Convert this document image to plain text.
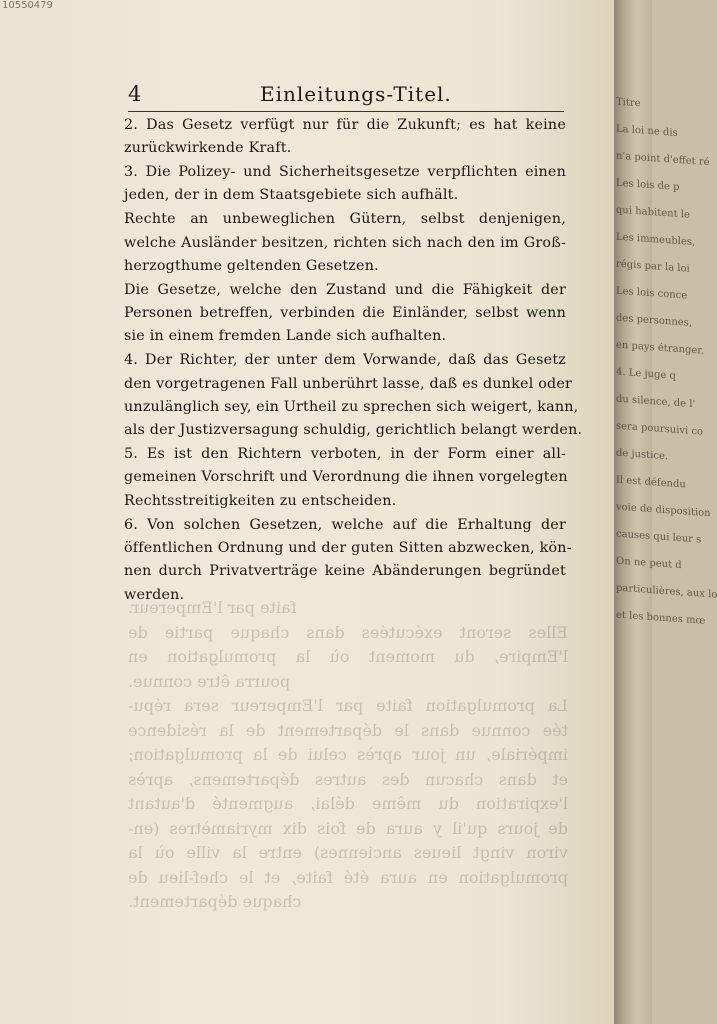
10550479
4	Einleitungs-Titel.

2. Das Gesetz verfügt nur für die Zukunft; es hat keine
zurückwirkende Kraft.

3. Die Polizey- und Sicherheitsgesetze verpflichten einen
jeden, der in dem Staatsgebiete sich aufhält.

Rechte an unbeweglichen Gütern, selbst denjenigen,
welche Ausländer besitzen, richten sich nach den im Groß-
herzogthume geltenden Gesetzen.

Die Gesetze, welche den Zustand und die Fähigkeit der
Personen betreffen, verbinden die Einländer, selbst wenn
sie in einem fremden Lande sich aufhalten.

4. Der Richter, der unter dem Vorwande, daß das Gesetz
den vorgetragenen Fall unberührt lasse, daß es dunkel oder
unzulänglich sey, ein Urtheil zu sprechen sich weigert, kann,
als der Justizversagung schuldig, gerichtlich belangt werden.

5. Es ist den Richtern verboten, in der Form einer all-
gemeinen Vorschrift und Verordnung die ihnen vorgelegten
Rechtsstreitigkeiten zu entscheiden.

6. Von solchen Gesetzen, welche auf die Erhaltung der
öffentlichen Ordnung und der guten Sitten abzwecken, kön-
nen durch Privatverträge keine Abänderungen begründet
werden.

faite par l'Empereur.
Elles seront exécutées dans chaque partie de
l'Empire, du moment où la promulgation en
pourra être connue.
La promulgation faite par l'Empereur sera répu-
tée connue dans le département de la résidence
impériale, un jour après celui de la promulgation;
et dans chacun des autres départemens, après
l'expiration du même délai, augmenté d'autant
de jours qu'il y aura de fois dix myriamètres (en-
viron vingt lieues anciennes) entre la ville où la
promulgation en aura été faite, et le chef-lieu de
chaque département.
Titre
La loi ne dis
n'a point d'effet ré
Les lois de p
qui habitent le
Les immeubles,
régis par la loi
Les lois conce
des personnes,
en pays étranger.
4. Le juge q
du silence, de l'
sera poursuivi co
de justice.
Il est défendu
voie de disposition
causes qui leur s
On ne peut d
particulières, aux lo
et les bonnes mœ
